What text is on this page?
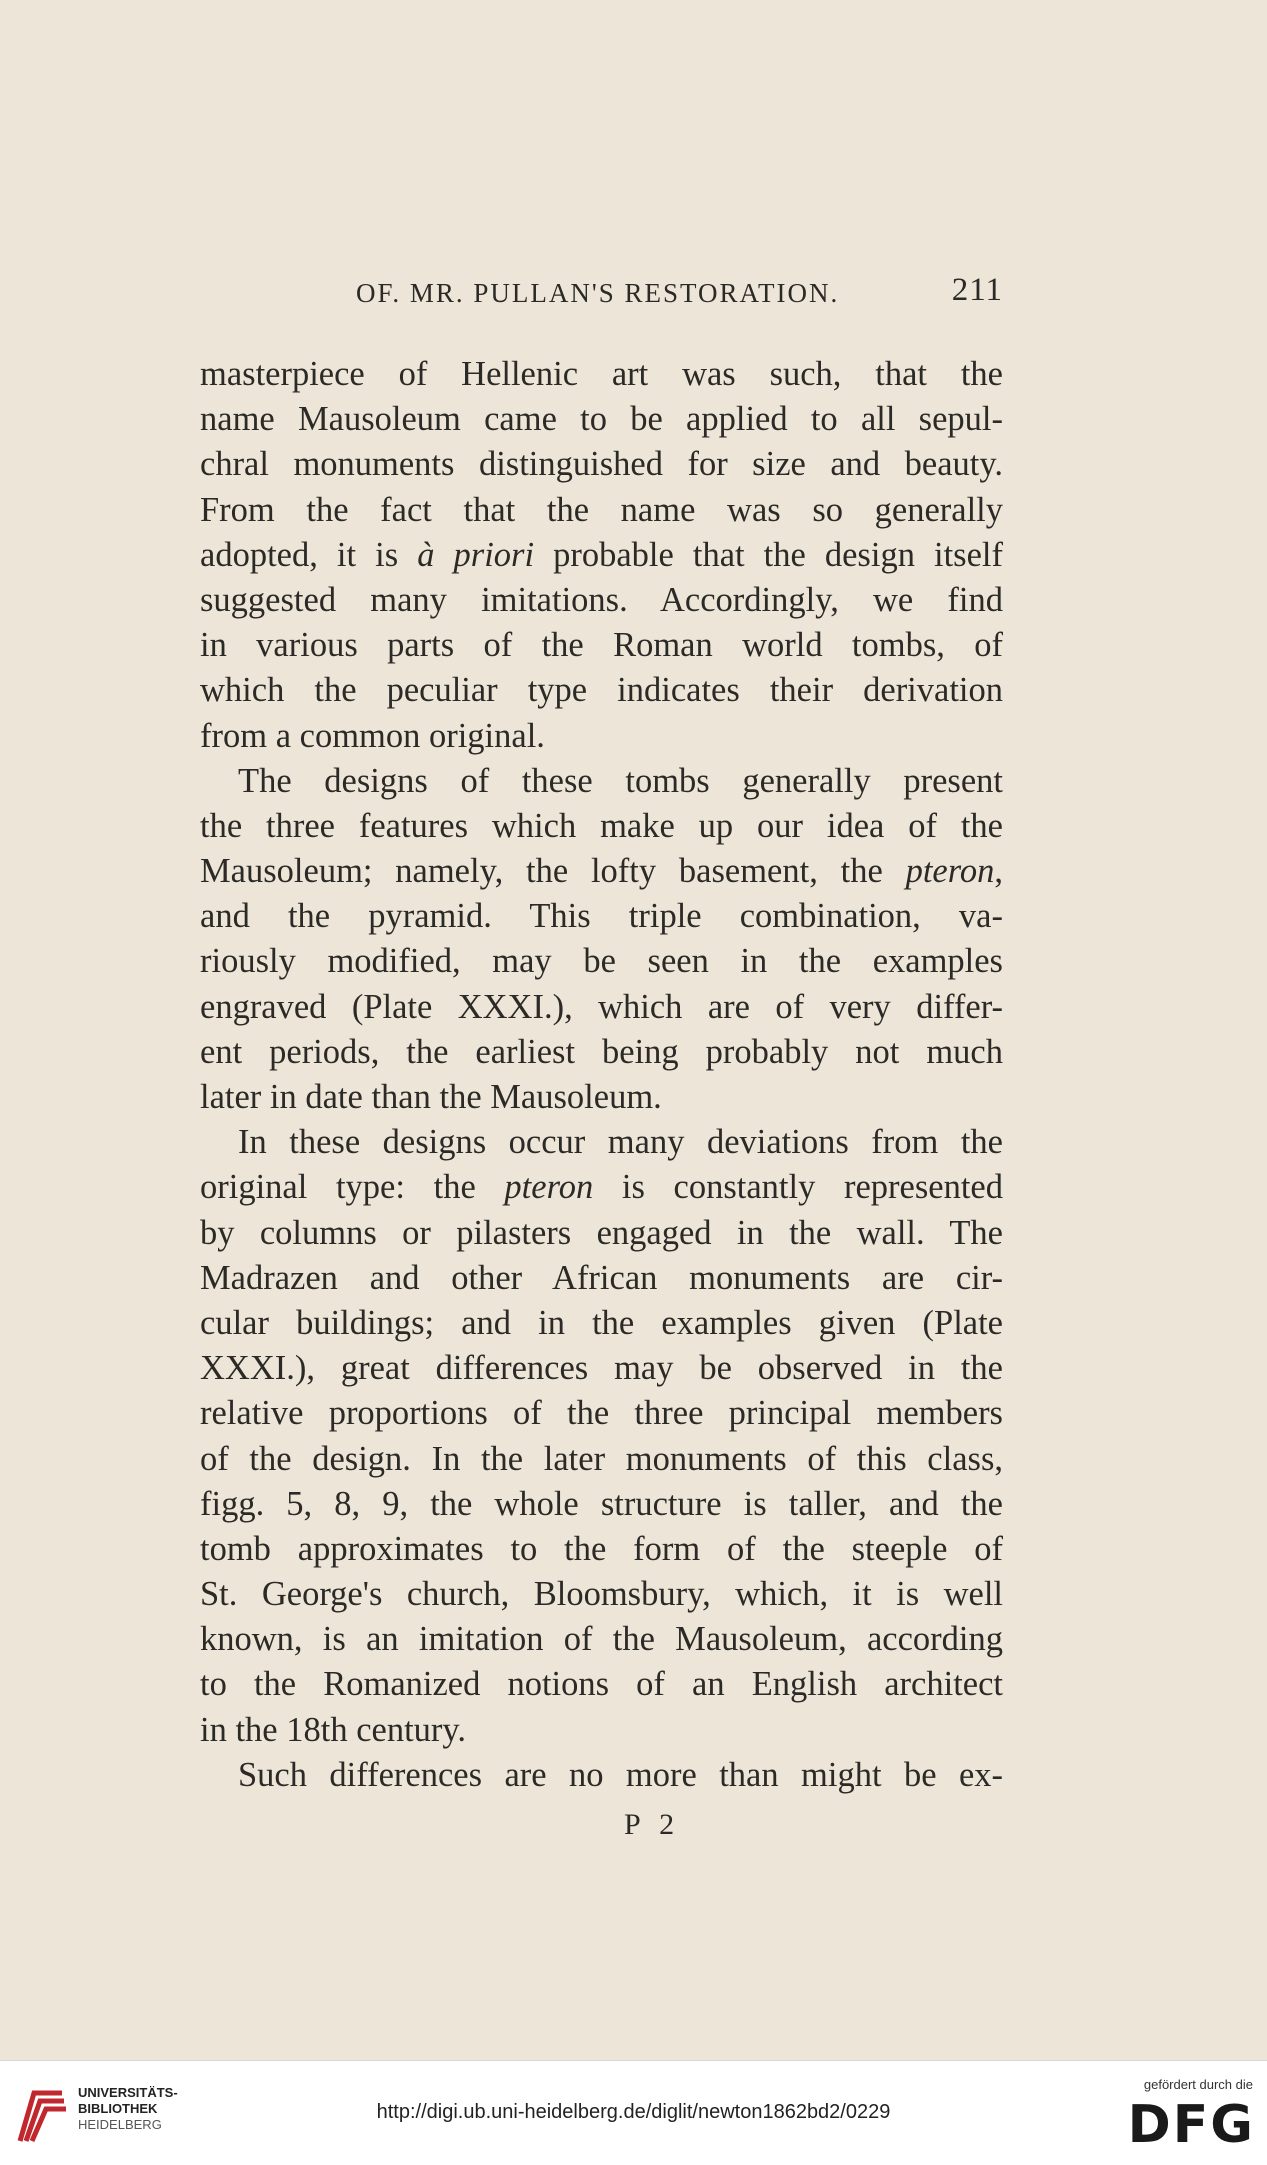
OF. MR. PULLAN'S RESTORATION.	211
masterpiece of Hellenic art was such, that the
name Mausoleum came to be applied to all sepul-
chral monuments distinguished for size and beauty.
From the fact that the name was so generally
adopted, it is à priori probable that the design itself
suggested many imitations. Accordingly, we find
in various parts of the Roman world tombs, of
which the peculiar type indicates their derivation
from a common original.
The designs of these tombs generally present
the three features which make up our idea of the
Mausoleum; namely, the lofty basement, the pteron,
and the pyramid. This triple combination, va-
riously modified, may be seen in the examples
engraved (Plate XXXI.), which are of very differ-
ent periods, the earliest being probably not much
later in date than the Mausoleum.
In these designs occur many deviations from the
original type: the pteron is constantly represented
by columns or pilasters engaged in the wall. The
Madrazen and other African monuments are cir-
cular buildings; and in the examples given (Plate
XXXI.), great differences may be observed in the
relative proportions of the three principal members
of the design. In the later monuments of this class,
figg. 5, 8, 9, the whole structure is taller, and the
tomb approximates to the form of the steeple of
St. George's church, Bloomsbury, which, it is well
known, is an imitation of the Mausoleum, according
to the Romanized notions of an English architect
in the 18th century.
Such differences are no more than might be ex-
P 2
UNIVERSITÄTS-
BIBLIOTHEK
HEIDELBERG
http://digi.ub.uni-heidelberg.de/diglit/newton1862bd2/0229
gefördert durch die
DFG
